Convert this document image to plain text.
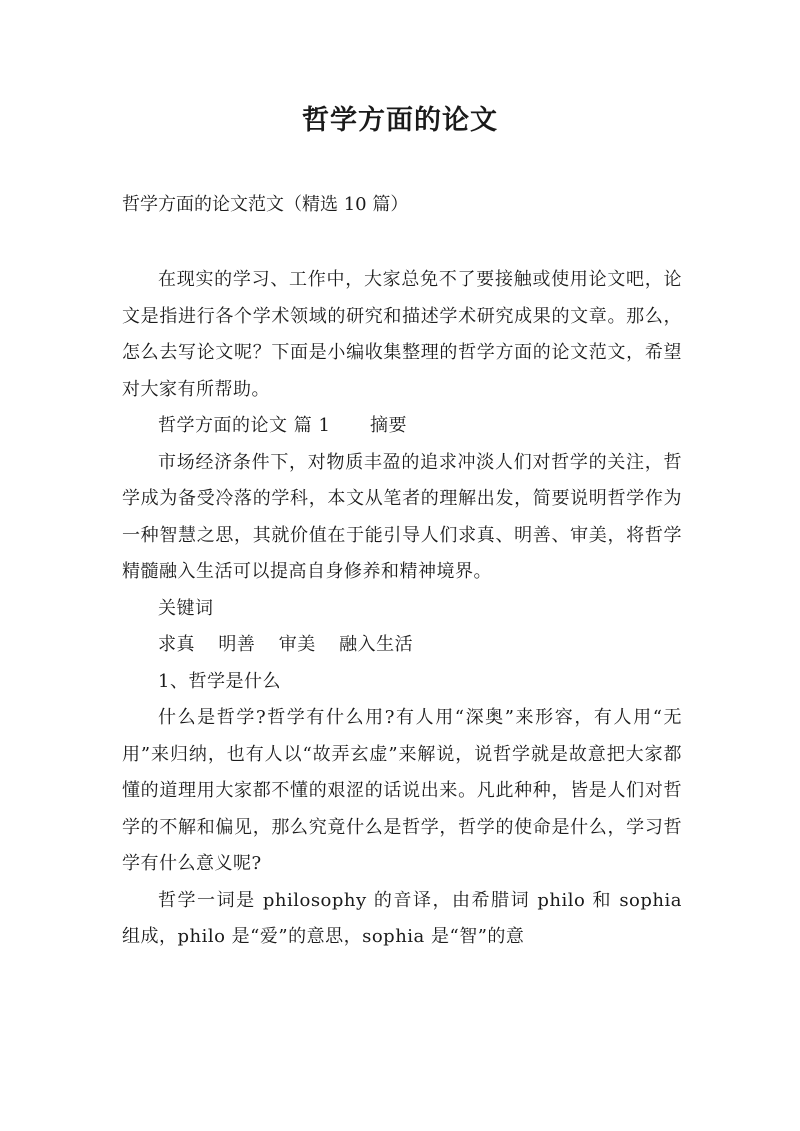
哲学方面的论文
哲学方面的论文范文（精选 10 篇）

在现实的学习、工作中，大家总免不了要接触或使用论文吧，论文是指进行各个学术领域的研究和描述学术研究成果的文章。那么，怎么去写论文呢？下面是小编收集整理的哲学方面的论文范文，希望对大家有所帮助。

哲学方面的论文 篇 1 摘要

市场经济条件下，对物质丰盈的追求冲淡人们对哲学的关注，哲学成为备受冷落的学科，本文从笔者的理解出发，简要说明哲学作为一种智慧之思，其就价值在于能引导人们求真、明善、审美，将哲学精髓融入生活可以提高自身修养和精神境界。

关键词

求真 明善 审美 融入生活

1、哲学是什么

什么是哲学?哲学有什么用?有人用“深奥”来形容，有人用“无用”来归纳，也有人以“故弄玄虚”来解说，说哲学就是故意把大家都懂的道理用大家都不懂的艰涩的话说出来。凡此种种，皆是人们对哲学的不解和偏见，那么究竟什么是哲学，哲学的使命是什么，学习哲学有什么意义呢?

哲学一词是 philosophy 的音译，由希腊词 philo 和 sophia 组成，philo 是“爱”的意思，sophia 是“智”的意
